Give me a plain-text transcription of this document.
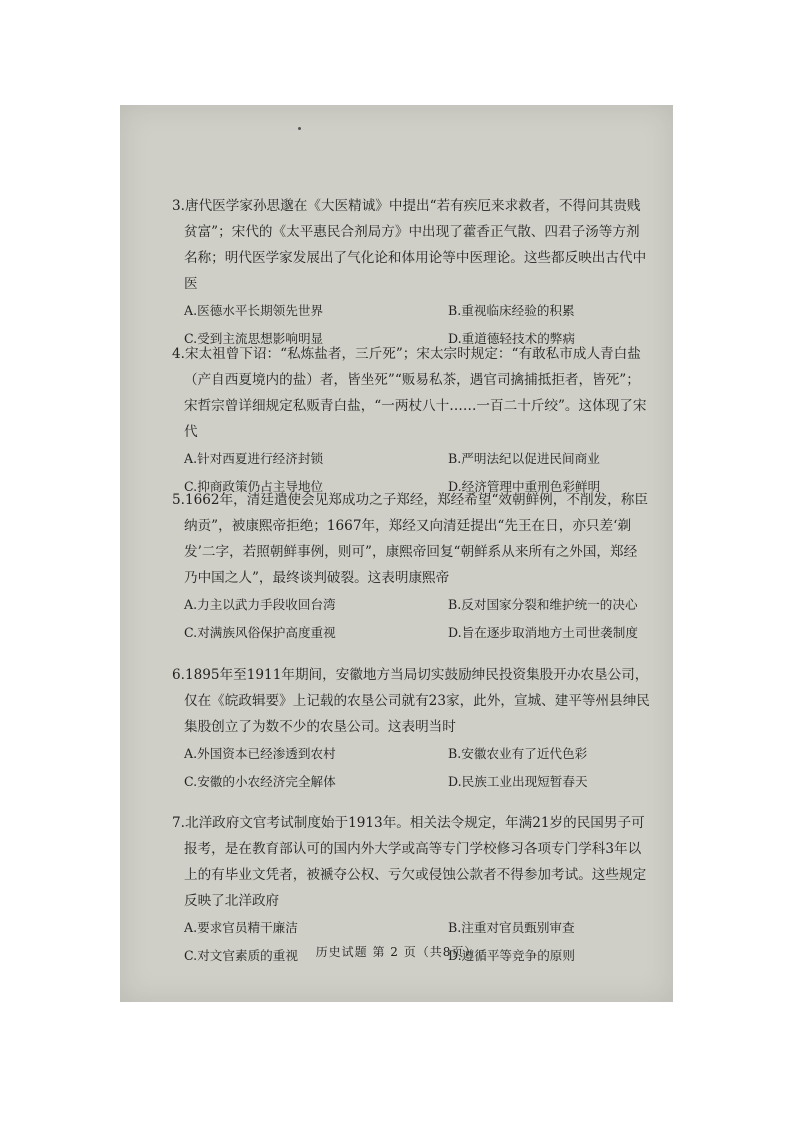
3.唐代医学家孙思邈在《大医精诚》中提出“若有疾厄来求救者，不得问其贵贱贫富”；宋代的《太平惠民合剂局方》中出现了藿香正气散、四君子汤等方剂名称；明代医学家发展出了气化论和体用论等中医理论。这些都反映出古代中医
A.医德水平长期领先世界	B.重视临床经验的积累
C.受到主流思想影响明显	D.重道德轻技术的弊病
4.宋太祖曾下诏：“私炼盐者，三斤死”；宋太宗时规定：“有敢私市成人青白盐（产自西夏境内的盐）者，皆坐死”“贩易私茶，遇官司擒捕抵拒者，皆死”；宋哲宗曾详细规定私贩青白盐，“一两杖八十……一百二十斤绞”。这体现了宋代
A.针对西夏进行经济封锁	B.严明法纪以促进民间商业
C.抑商政策仍占主导地位	D.经济管理中重刑色彩鲜明
5.1662年，清廷遣使会见郑成功之子郑经，郑经希望“效朝鲜例，不削发，称臣纳贡”，被康熙帝拒绝；1667年，郑经又向清廷提出“先王在日，亦只差‘剃发’二字，若照朝鲜事例，则可”，康熙帝回复“朝鲜系从来所有之外国，郑经乃中国之人”，最终谈判破裂。这表明康熙帝
A.力主以武力手段收回台湾	B.反对国家分裂和维护统一的决心
C.对满族风俗保护高度重视	D.旨在逐步取消地方土司世袭制度
6.1895年至1911年期间，安徽地方当局切实鼓励绅民投资集股开办农垦公司，仅在《皖政辑要》上记载的农垦公司就有23家，此外，宣城、建平等州县绅民集股创立了为数不少的农垦公司。这表明当时
A.外国资本已经渗透到农村	B.安徽农业有了近代色彩
C.安徽的小农经济完全解体	D.民族工业出现短暂春天
7.北洋政府文官考试制度始于1913年。相关法令规定，年满21岁的民国男子可报考，是在教育部认可的国内外大学或高等专门学校修习各项专门学科3年以上的有毕业文凭者，被褫夺公权、亏欠或侵蚀公款者不得参加考试。这些规定反映了北洋政府
A.要求官员精干廉洁	B.注重对官员甄别审查
C.对文官素质的重视	D.遵循平等竞争的原则
历史试题 第 2 页（共8页）
